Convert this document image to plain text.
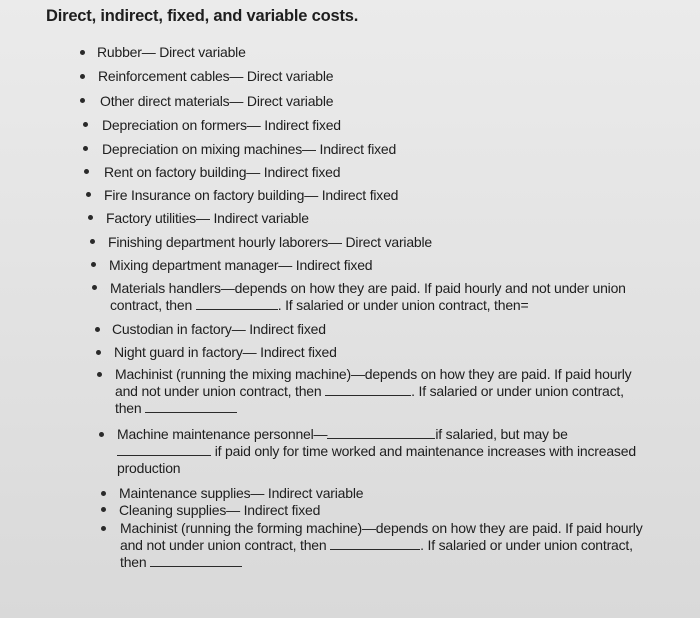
Direct, indirect, fixed, and variable costs.
Rubber— Direct variable
Reinforcement cables— Direct variable
Other direct materials— Direct variable
Depreciation on formers— Indirect fixed
Depreciation on mixing machines— Indirect fixed
Rent on factory building— Indirect fixed
Fire Insurance on factory building— Indirect fixed
Factory utilities— Indirect variable
Finishing department hourly laborers— Direct variable
Mixing department manager— Indirect fixed
Materials handlers—depends on how they are paid. If paid hourly and not under union
contract, then	. If salaried or under union contract, then=
Custodian in factory— Indirect fixed
Night guard in factory— Indirect fixed
Machinist (running the mixing machine)—depends on how they are paid. If paid hourly
and not under union contract, then	. If salaried or under union contract,
then
Machine maintenance personnel—	if salaried, but may be
if paid only for time worked and maintenance increases with increased
production
Maintenance supplies— Indirect variable
Cleaning supplies— Indirect fixed
Machinist (running the forming machine)—depends on how they are paid. If paid hourly
and not under union contract, then	. If salaried or under union contract,
then
